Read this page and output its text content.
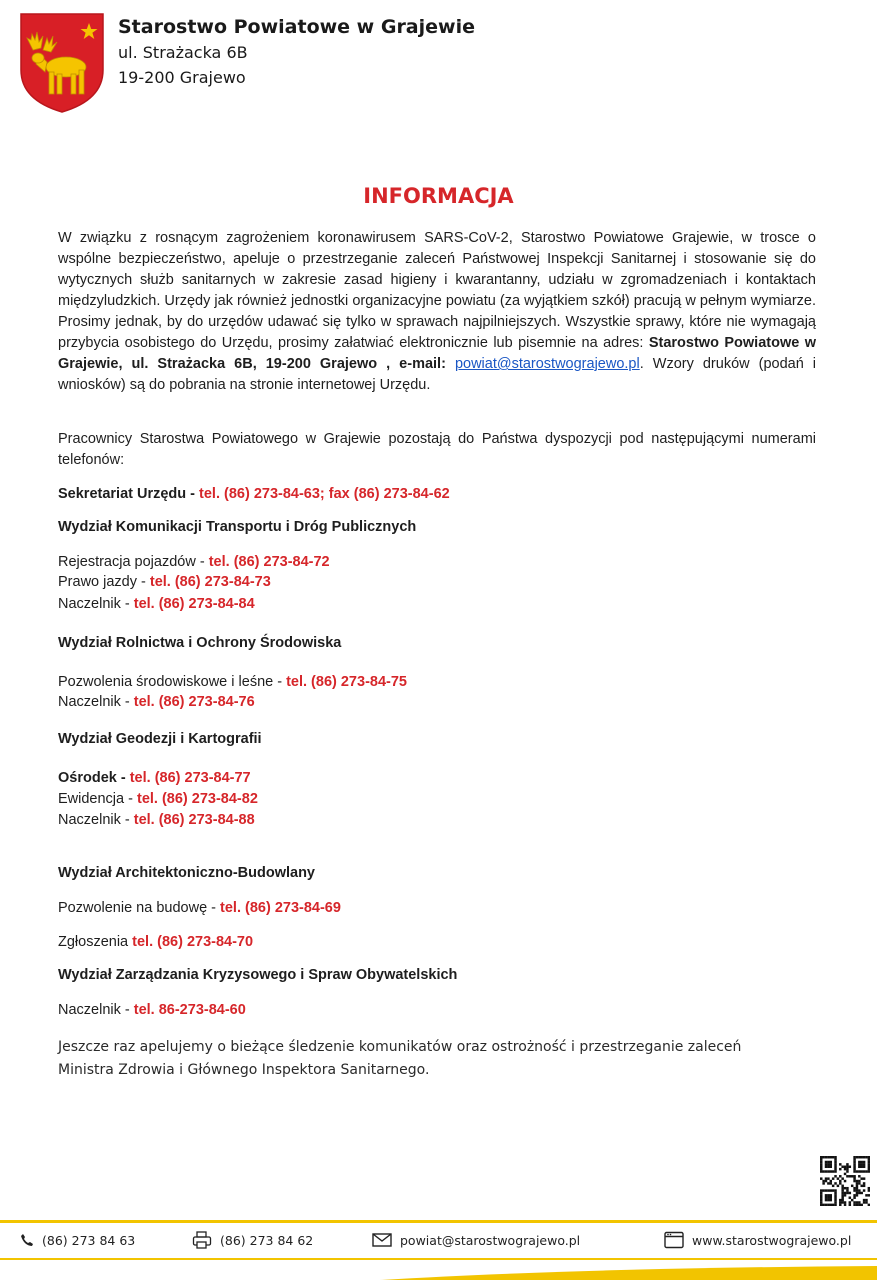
Starostwo Powiatowe w Grajewie
ul. Strażacka 6B
19-200 Grajewo
INFORMACJA
W związku z rosnącym zagrożeniem koronawirusem SARS-CoV-2, Starostwo Powiatowe Grajewie, w trosce o wspólne bezpieczeństwo, apeluje o przestrzeganie zaleceń Państwowej Inspekcji Sanitarnej i stosowanie się do wytycznych służb sanitarnych w zakresie zasad higieny i kwarantanny, udziału w zgromadzeniach i kontaktach międzyludzkich. Urzędy jak również jednostki organizacyjne powiatu (za wyjątkiem szkół) pracują w pełnym wymiarze. Prosimy jednak, by do urzędów udawać się tylko w sprawach najpilniejszych. Wszystkie sprawy, które nie wymagają przybycia osobistego do Urzędu, prosimy załatwiać elektronicznie lub pisemnie na adres: Starostwo Powiatowe w Grajewie, ul. Strażacka 6B, 19-200 Grajewo , e-mail: powiat@starostwograjewo.pl. Wzory druków (podań i wniosków) są do pobrania na stronie internetowej Urzędu.
Pracownicy Starostwa Powiatowego w Grajewie pozostają do Państwa dyspozycji pod następującymi numerami telefonów:
Sekretariat Urzędu - tel. (86) 273-84-63; fax (86) 273-84-62
Wydział Komunikacji Transportu i Dróg Publicznych
Rejestracja pojazdów - tel. (86) 273-84-72
Prawo jazdy - tel. (86) 273-84-73
Naczelnik - tel. (86) 273-84-84
Wydział Rolnictwa i Ochrony Środowiska
Pozwolenia środowiskowe i leśne - tel. (86) 273-84-75
Naczelnik - tel. (86) 273-84-76
Wydział Geodezji i Kartografii
Ośrodek - tel. (86) 273-84-77
Ewidencja - tel. (86) 273-84-82
Naczelnik - tel. (86) 273-84-88
Wydział Architektoniczno-Budowlany
Pozwolenie na budowę - tel. (86) 273-84-69
Zgłoszenia tel. (86) 273-84-70
Wydział Zarządzania Kryzysowego i Spraw Obywatelskich
Naczelnik - tel. 86-273-84-60
Jeszcze raz apelujemy o bieżące śledzenie komunikatów oraz ostrożność i przestrzeganie zaleceń Ministra Zdrowia i Głównego Inspektora Sanitarnego.
(86) 273 84 63	(86) 273 84 62	powiat@starostwograjewo.pl	www.starostwograjewo.pl
